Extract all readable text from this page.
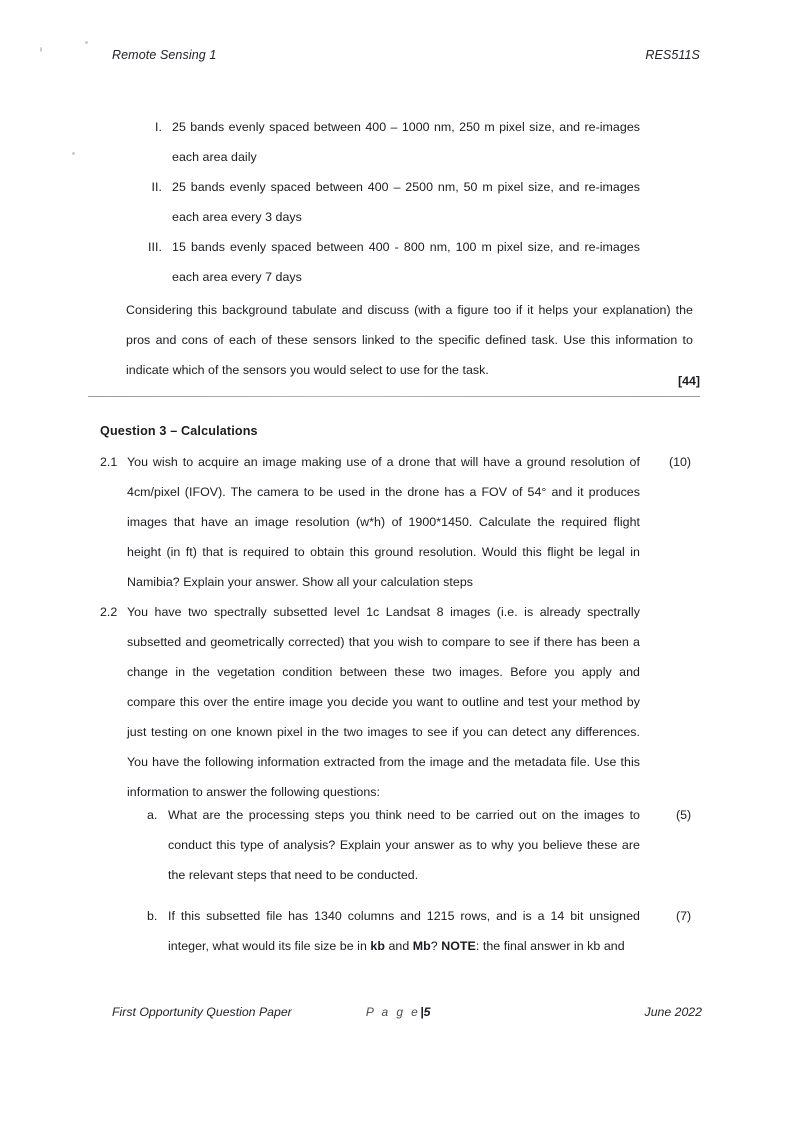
Remote Sensing 1	RES511S
I. 25 bands evenly spaced between 400 – 1000 nm, 250 m pixel size, and re-images each area daily
II. 25 bands evenly spaced between 400 – 2500 nm, 50 m pixel size, and re-images each area every 3 days
III. 15 bands evenly spaced between 400 - 800 nm, 100 m pixel size, and re-images each area every 7 days
Considering this background tabulate and discuss (with a figure too if it helps your explanation) the pros and cons of each of these sensors linked to the specific defined task. Use this information to indicate which of the sensors you would select to use for the task.
[44]
Question 3 – Calculations
2.1 You wish to acquire an image making use of a drone that will have a ground resolution of 4cm/pixel (IFOV). The camera to be used in the drone has a FOV of 54° and it produces images that have an image resolution (w*h) of 1900*1450. Calculate the required flight height (in ft) that is required to obtain this ground resolution. Would this flight be legal in Namibia? Explain your answer. Show all your calculation steps
(10)
2.2 You have two spectrally subsetted level 1c Landsat 8 images (i.e. is already spectrally subsetted and geometrically corrected) that you wish to compare to see if there has been a change in the vegetation condition between these two images. Before you apply and compare this over the entire image you decide you want to outline and test your method by just testing on one known pixel in the two images to see if you can detect any differences. You have the following information extracted from the image and the metadata file. Use this information to answer the following questions:
a. What are the processing steps you think need to be carried out on the images to conduct this type of analysis? Explain your answer as to why you believe these are the relevant steps that need to be conducted.
(5)
b. If this subsetted file has 1340 columns and 1215 rows, and is a 14 bit unsigned integer, what would its file size be in kb and Mb? NOTE: the final answer in kb and
(7)
First Opportunity Question Paper	P a g e|5	June 2022
